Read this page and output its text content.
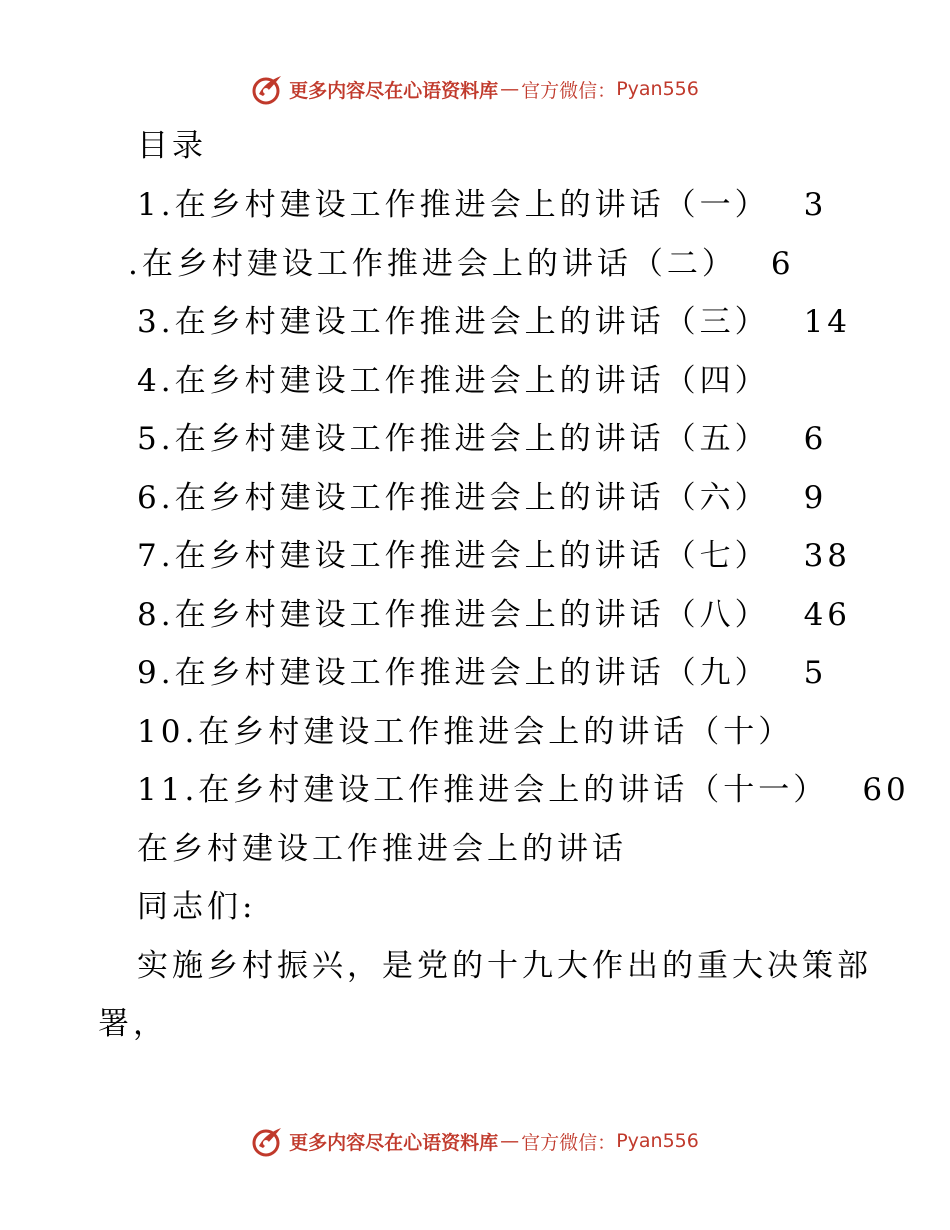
更多内容尽在心语资料库 — 官方微信： Pyan556
目录
1.在乡村建设工作推进会上的讲话（一） 3
.在乡村建设工作推进会上的讲话（二） 6
3.在乡村建设工作推进会上的讲话（三） 14
4.在乡村建设工作推进会上的讲话（四）
5.在乡村建设工作推进会上的讲话（五） 6
6.在乡村建设工作推进会上的讲话（六） 9
7.在乡村建设工作推进会上的讲话（七） 38
8.在乡村建设工作推进会上的讲话（八） 46
9.在乡村建设工作推进会上的讲话（九） 5
10.在乡村建设工作推进会上的讲话（十）
11.在乡村建设工作推进会上的讲话（十一） 60
在乡村建设工作推进会上的讲话
同志们:
实施乡村振兴，是党的十九大作出的重大决策部
署，
更多内容尽在心语资料库 — 官方微信： Pyan556
